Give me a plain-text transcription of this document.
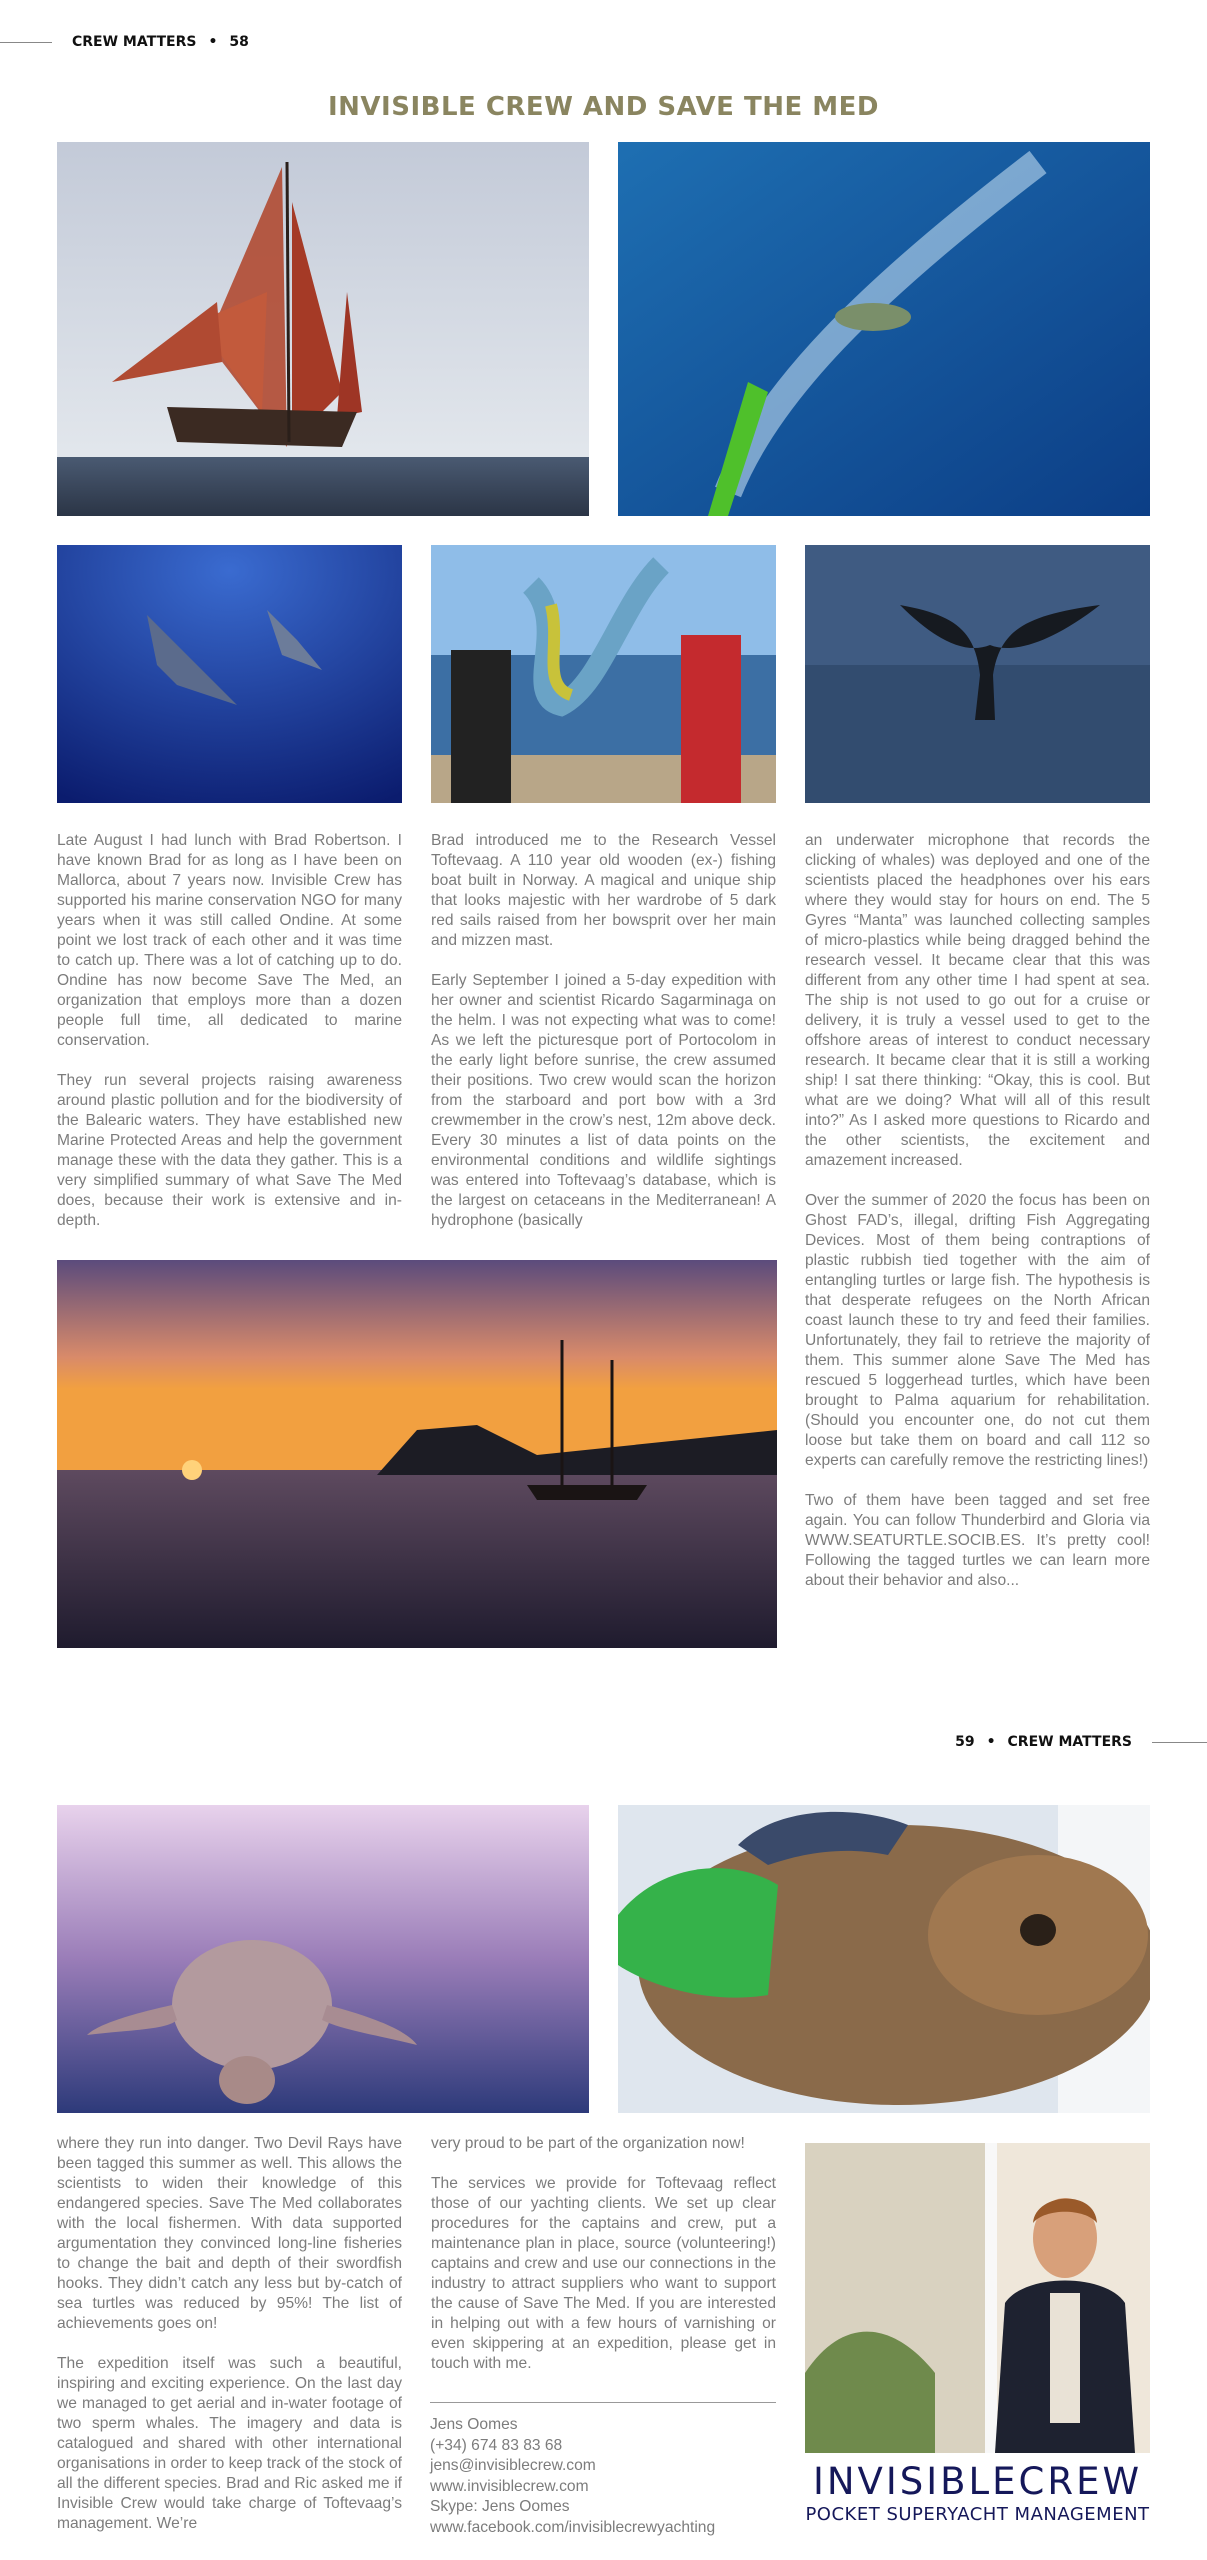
CREW MATTERS • 58
INVISIBLE CREW AND SAVE THE MED

Late August I had lunch with Brad Robertson. I have known Brad for as long as I have been on Mallorca, about 7 years now. Invisible Crew has supported his marine conservation NGO for many years when it was still called Ondine. At some point we lost track of each other and it was time to catch up. There was a lot of catching up to do. Ondine has now become Save The Med, an organization that employs more than a dozen people full time, all dedicated to marine conservation.

They run several projects raising awareness around plastic pollution and for the biodiversity of the Balearic waters. They have established new Marine Protected Areas and help the government manage these with the data they gather. This is a very simplified summary of what Save The Med does, because their work is extensive and in-depth.

Brad introduced me to the Research Vessel Toftevaag. A 110 year old wooden (ex-) fishing boat built in Norway. A magical and unique ship that looks majestic with her wardrobe of 5 dark red sails raised from her bowsprit over her main and mizzen mast.

Early September I joined a 5-day expedition with her owner and scientist Ricardo Sagarminaga on the helm. I was not expecting what was to come! As we left the picturesque port of Portocolom in the early light before sunrise, the crew assumed their positions. Two crew would scan the horizon from the starboard and port bow with a 3rd crewmember in the crow’s nest, 12m above deck. Every 30 minutes a list of data points on the environmental conditions and wildlife sightings was entered into Toftevaag’s database, which is the largest on cetaceans in the Mediterranean! A hydrophone (basically

an underwater microphone that records the clicking of whales) was deployed and one of the scientists placed the headphones over his ears where they would stay for hours on end. The 5 Gyres “Manta” was launched collecting samples of micro-plastics while being dragged behind the research vessel. It became clear that this was different from any other time I had spent at sea. The ship is not used to go out for a cruise or delivery, it is truly a vessel used to get to the offshore areas of interest to conduct necessary research. It became clear that it is still a working ship! I sat there thinking: “Okay, this is cool. But what are we doing? What will all of this result into?” As I asked more questions to Ricardo and the other scientists, the excitement and amazement increased.

Over the summer of 2020 the focus has been on Ghost FAD’s, illegal, drifting Fish Aggregating Devices. Most of them being contraptions of plastic rubbish tied together with the aim of entangling turtles or large fish. The hypothesis is that desperate refugees on the North African coast launch these to try and feed their families. Unfortunately, they fail to retrieve the majority of them. This summer alone Save The Med has rescued 5 loggerhead turtles, which have been brought to Palma aquarium for rehabilitation. (Should you encounter one, do not cut them loose but take them on board and call 112 so experts can carefully remove the restricting lines!)

Two of them have been tagged and set free again. You can follow Thunderbird and Gloria via WWW.SEATURTLE.SOCIB.ES. It’s pretty cool! Following the tagged turtles we can learn more about their behavior and also...

59 • CREW MATTERS

where they run into danger. Two Devil Rays have been tagged this summer as well. This allows the scientists to widen their knowledge of this endangered species. Save The Med collaborates with the local fishermen. With data supported argumentation they convinced long-line fisheries to change the bait and depth of their swordfish hooks. They didn’t catch any less but by-catch of sea turtles was reduced by 95%! The list of achievements goes on!

The expedition itself was such a beautiful, inspiring and exciting experience. On the last day we managed to get aerial and in-water footage of two sperm whales. The imagery and data is catalogued and shared with other international organisations in order to keep track of the stock of all the different species. Brad and Ric asked me if Invisible Crew would take charge of Toftevaag’s management. We’re

very proud to be part of the organization now!

The services we provide for Toftevaag reflect those of our yachting clients. We set up clear procedures for the captains and crew, put a maintenance plan in place, source (volunteering!) captains and crew and use our connections in the industry to attract suppliers who want to support the cause of Save The Med. If you are interested in helping out with a few hours of varnishing or even skippering at an expedition, please get in touch with me.

Jens Oomes
(+34) 674 83 83 68
jens@invisiblecrew.com
www.invisiblecrew.com
Skype: Jens Oomes
www.facebook.com/invisiblecrewyachting
INVISIBLECREW
POCKET SUPERYACHT MANAGEMENT
